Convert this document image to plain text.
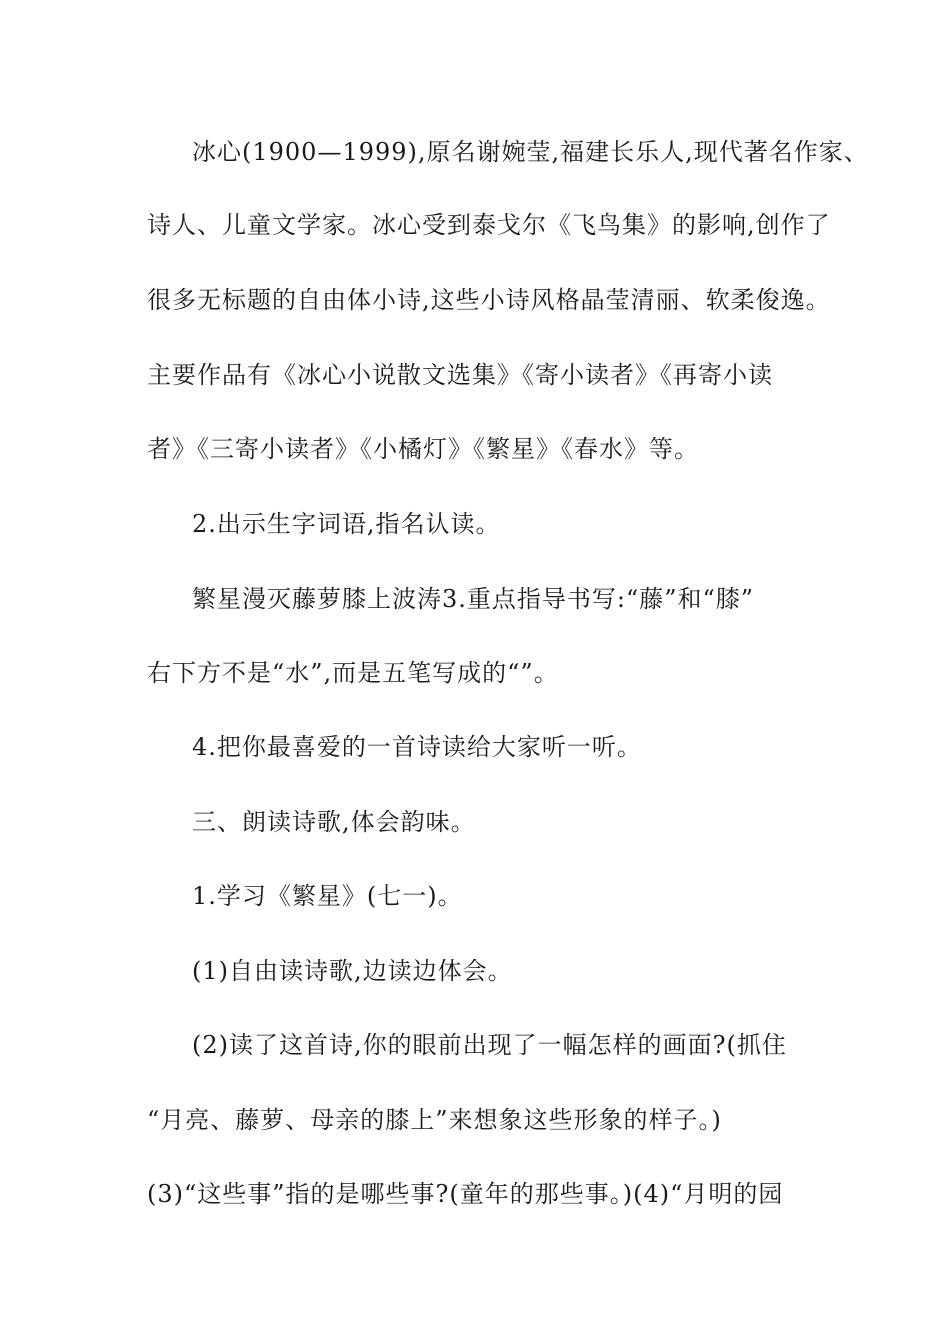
冰心(1900—1999),原名谢婉莹,福建长乐人,现代著名作家、
诗人、儿童文学家。冰心受到泰戈尔《飞鸟集》的影响,创作了
很多无标题的自由体小诗,这些小诗风格晶莹清丽、软柔俊逸。
主要作品有《冰心小说散文选集》《寄小读者》《再寄小读
者》《三寄小读者》《小橘灯》《繁星》《春水》等。
2.出示生字词语,指名认读。
繁星漫灭藤萝膝上波涛3.重点指导书写:“藤”和“膝”
右下方不是“水”,而是五笔写成的“”。
4.把你最喜爱的一首诗读给大家听一听。
三、朗读诗歌,体会韵味。
1.学习《繁星》(七一)。
(1)自由读诗歌,边读边体会。
(2)读了这首诗,你的眼前出现了一幅怎样的画面?(抓住
“月亮、藤萝、母亲的膝上”来想象这些形象的样子。)
(3)“这些事”指的是哪些事?(童年的那些事。)(4)“月明的园
